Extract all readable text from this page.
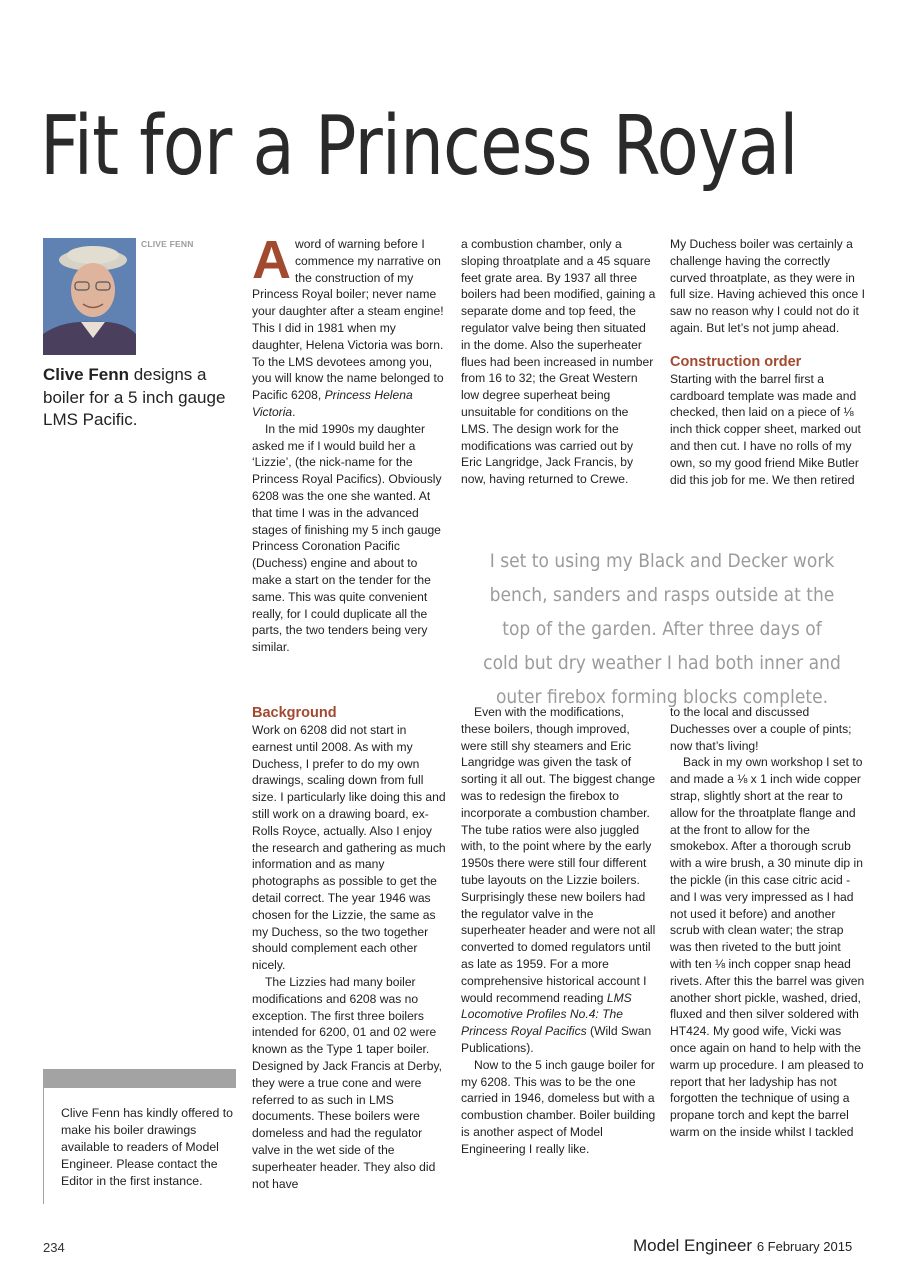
Fit for a Princess Royal
CLIVE FENN
Clive Fenn designs a boiler for a 5 inch gauge LMS Pacific.

Aword of warning before I commence my narrative on the construction of my Princess Royal boiler; never name your daughter after a steam engine! This I did in 1981 when my daughter, Helena Victoria was born. To the LMS devotees among you, you will know the name belonged to Pacific 6208, Princess Helena Victoria.

In the mid 1990s my daughter asked me if I would build her a ‘Lizzie’, (the nick-name for the Princess Royal Pacifics). Obviously 6208 was the one she wanted. At that time I was in the advanced stages of finishing my 5 inch gauge Princess Coronation Pacific (Duchess) engine and about to make a start on the tender for the same. This was quite convenient really, for I could duplicate all the parts, the two tenders being very similar.

a combustion chamber, only a sloping throatplate and a 45 square feet grate area. By 1937 all three boilers had been modified, gaining a separate dome and top feed, the regulator valve being then situated in the dome. Also the superheater flues had been increased in number from 16 to 32; the Great Western low degree superheat being unsuitable for conditions on the LMS. The design work for the modifications was carried out by Eric Langridge, Jack Francis, by now, having returned to Crewe.

My Duchess boiler was certainly a challenge having the correctly curved throatplate, as they were in full size. Having achieved this once I saw no reason why I could not do it again. But let’s not jump ahead.

Construction order

Starting with the barrel first a cardboard template was made and checked, then laid on a piece of ⅛ inch thick copper sheet, marked out and then cut. I have no rolls of my own, so my good friend Mike Butler did this job for me. We then retired

I set to using my Black and Decker work bench, sanders and rasps outside at the top of the garden. After three days of cold but dry weather I had both inner and outer firebox forming blocks complete.

Background

Work on 6208 did not start in earnest until 2008. As with my Duchess, I prefer to do my own drawings, scaling down from full size. I particularly like doing this and still work on a drawing board, ex-Rolls Royce, actually. Also I enjoy the research and gathering as much information and as many photographs as possible to get the detail correct. The year 1946 was chosen for the Lizzie, the same as my Duchess, so the two together should complement each other nicely.

The Lizzies had many boiler modifications and 6208 was no exception. The first three boilers intended for 6200, 01 and 02 were known as the Type 1 taper boiler. Designed by Jack Francis at Derby, they were a true cone and were referred to as such in LMS documents. These boilers were domeless and had the regulator valve in the wet side of the superheater header. They also did not have

Even with the modifications, these boilers, though improved, were still shy steamers and Eric Langridge was given the task of sorting it all out. The biggest change was to redesign the firebox to incorporate a combustion chamber. The tube ratios were also juggled with, to the point where by the early 1950s there were still four different tube layouts on the Lizzie boilers. Surprisingly these new boilers had the regulator valve in the superheater header and were not all converted to domed regulators until as late as 1959. For a more comprehensive historical account I would recommend reading LMS Locomotive Profiles No.4: The Princess Royal Pacifics (Wild Swan Publications).

Now to the 5 inch gauge boiler for my 6208. This was to be the one carried in 1946, domeless but with a combustion chamber. Boiler building is another aspect of Model Engineering I really like.

to the local and discussed Duchesses over a couple of pints; now that’s living!

Back in my own workshop I set to and made a ⅛ x 1 inch wide copper strap, slightly short at the rear to allow for the throatplate flange and at the front to allow for the smokebox. After a thorough scrub with a wire brush, a 30 minute dip in the pickle (in this case citric acid - and I was very impressed as I had not used it before) and another scrub with clean water; the strap was then riveted to the butt joint with ten ⅛ inch copper snap head rivets. After this the barrel was given another short pickle, washed, dried, fluxed and then silver soldered with HT424. My good wife, Vicki was once again on hand to help with the warm up procedure. I am pleased to report that her ladyship has not forgotten the technique of using a propane torch and kept the barrel warm on the inside whilst I tackled

Clive Fenn has kindly offered to make his boiler drawings available to readers of Model Engineer. Please contact the Editor in the first instance.
234	Model Engineer 6 February 2015
